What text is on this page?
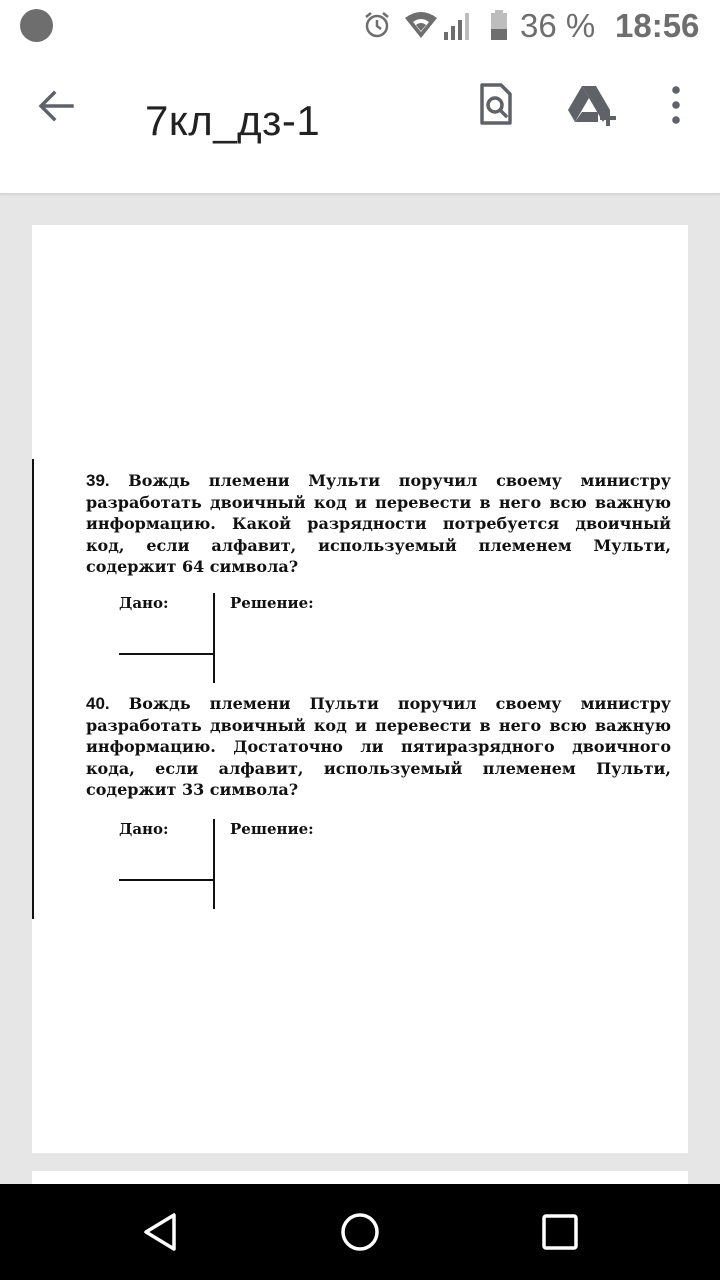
36 % 18:56
7кл_дз-1
39. Вождь племени Мульти поручил своему министру разработать двоичный код и перевести в него всю важную информацию. Какой разрядности потребуется двоичный код, если алфавит, используемый племенем Мульти, содержит 64 символа?
Дано:	Решение:
40. Вождь племени Пульти поручил своему министру разработать двоичный код и перевести в него всю важную информацию. Достаточно ли пятиразрядного двоичного кода, если алфавит, используемый племенем Пульти, содержит 33 символа?
Дано:	Решение:
